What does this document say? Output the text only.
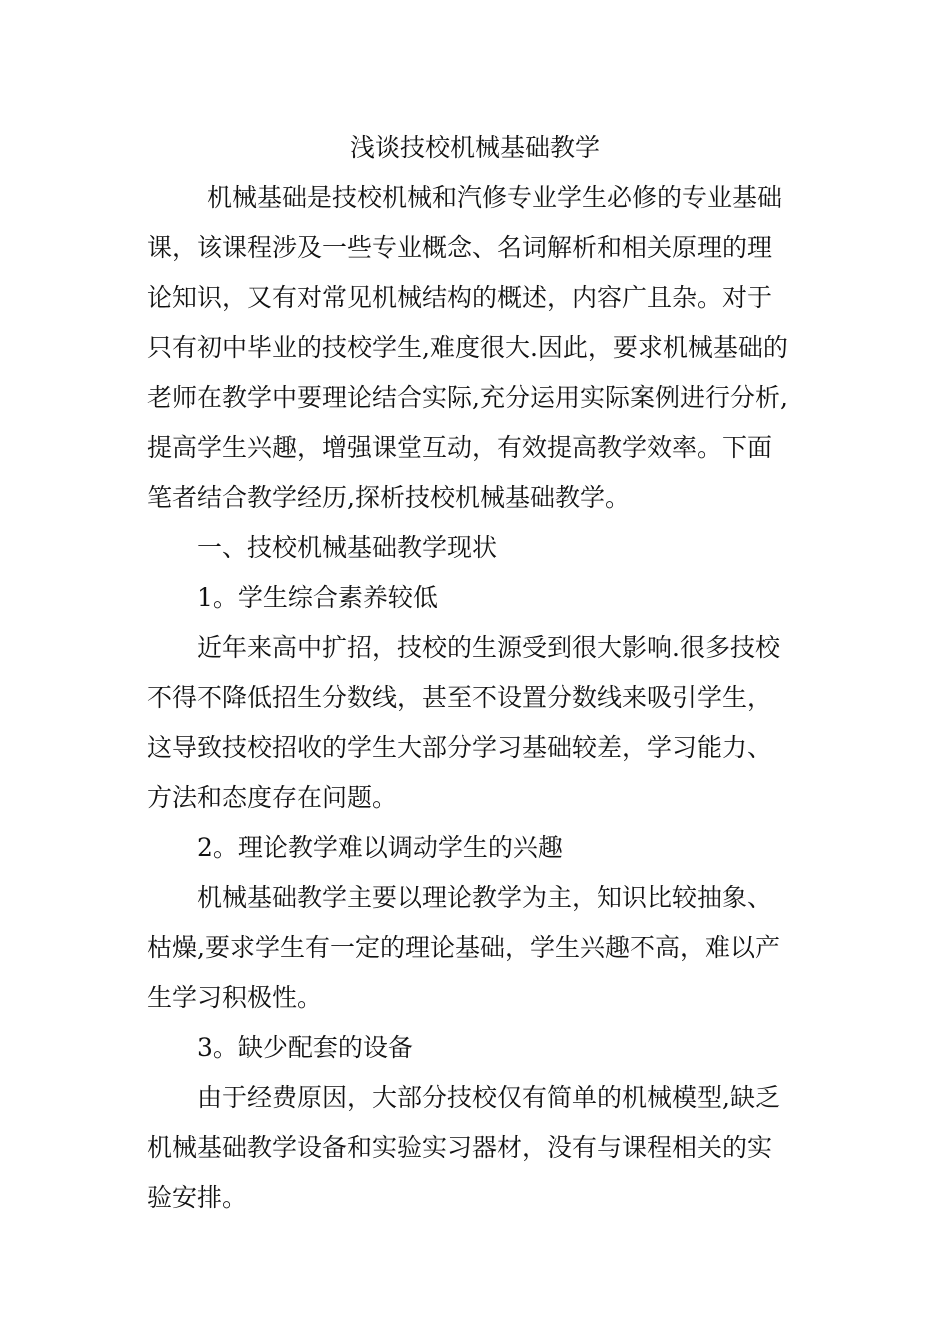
浅谈技校机械基础教学
机械基础是技校机械和汽修专业学生必修的专业基础
课，该课程涉及一些专业概念、名词解析和相关原理的理
论知识，又有对常见机械结构的概述，内容广且杂。对于
只有初中毕业的技校学生,难度很大.因此，要求机械基础的
老师在教学中要理论结合实际,充分运用实际案例进行分析,
提高学生兴趣，增强课堂互动，有效提高教学效率。下面
笔者结合教学经历,探析技校机械基础教学。
一、技校机械基础教学现状
1。学生综合素养较低
近年来高中扩招，技校的生源受到很大影响.很多技校
不得不降低招生分数线，甚至不设置分数线来吸引学生，
这导致技校招收的学生大部分学习基础较差，学习能力、
方法和态度存在问题。
2。理论教学难以调动学生的兴趣
机械基础教学主要以理论教学为主，知识比较抽象、
枯燥,要求学生有一定的理论基础，学生兴趣不高，难以产
生学习积极性。
3。缺少配套的设备
由于经费原因，大部分技校仅有简单的机械模型,缺乏
机械基础教学设备和实验实习器材，没有与课程相关的实
验安排。
